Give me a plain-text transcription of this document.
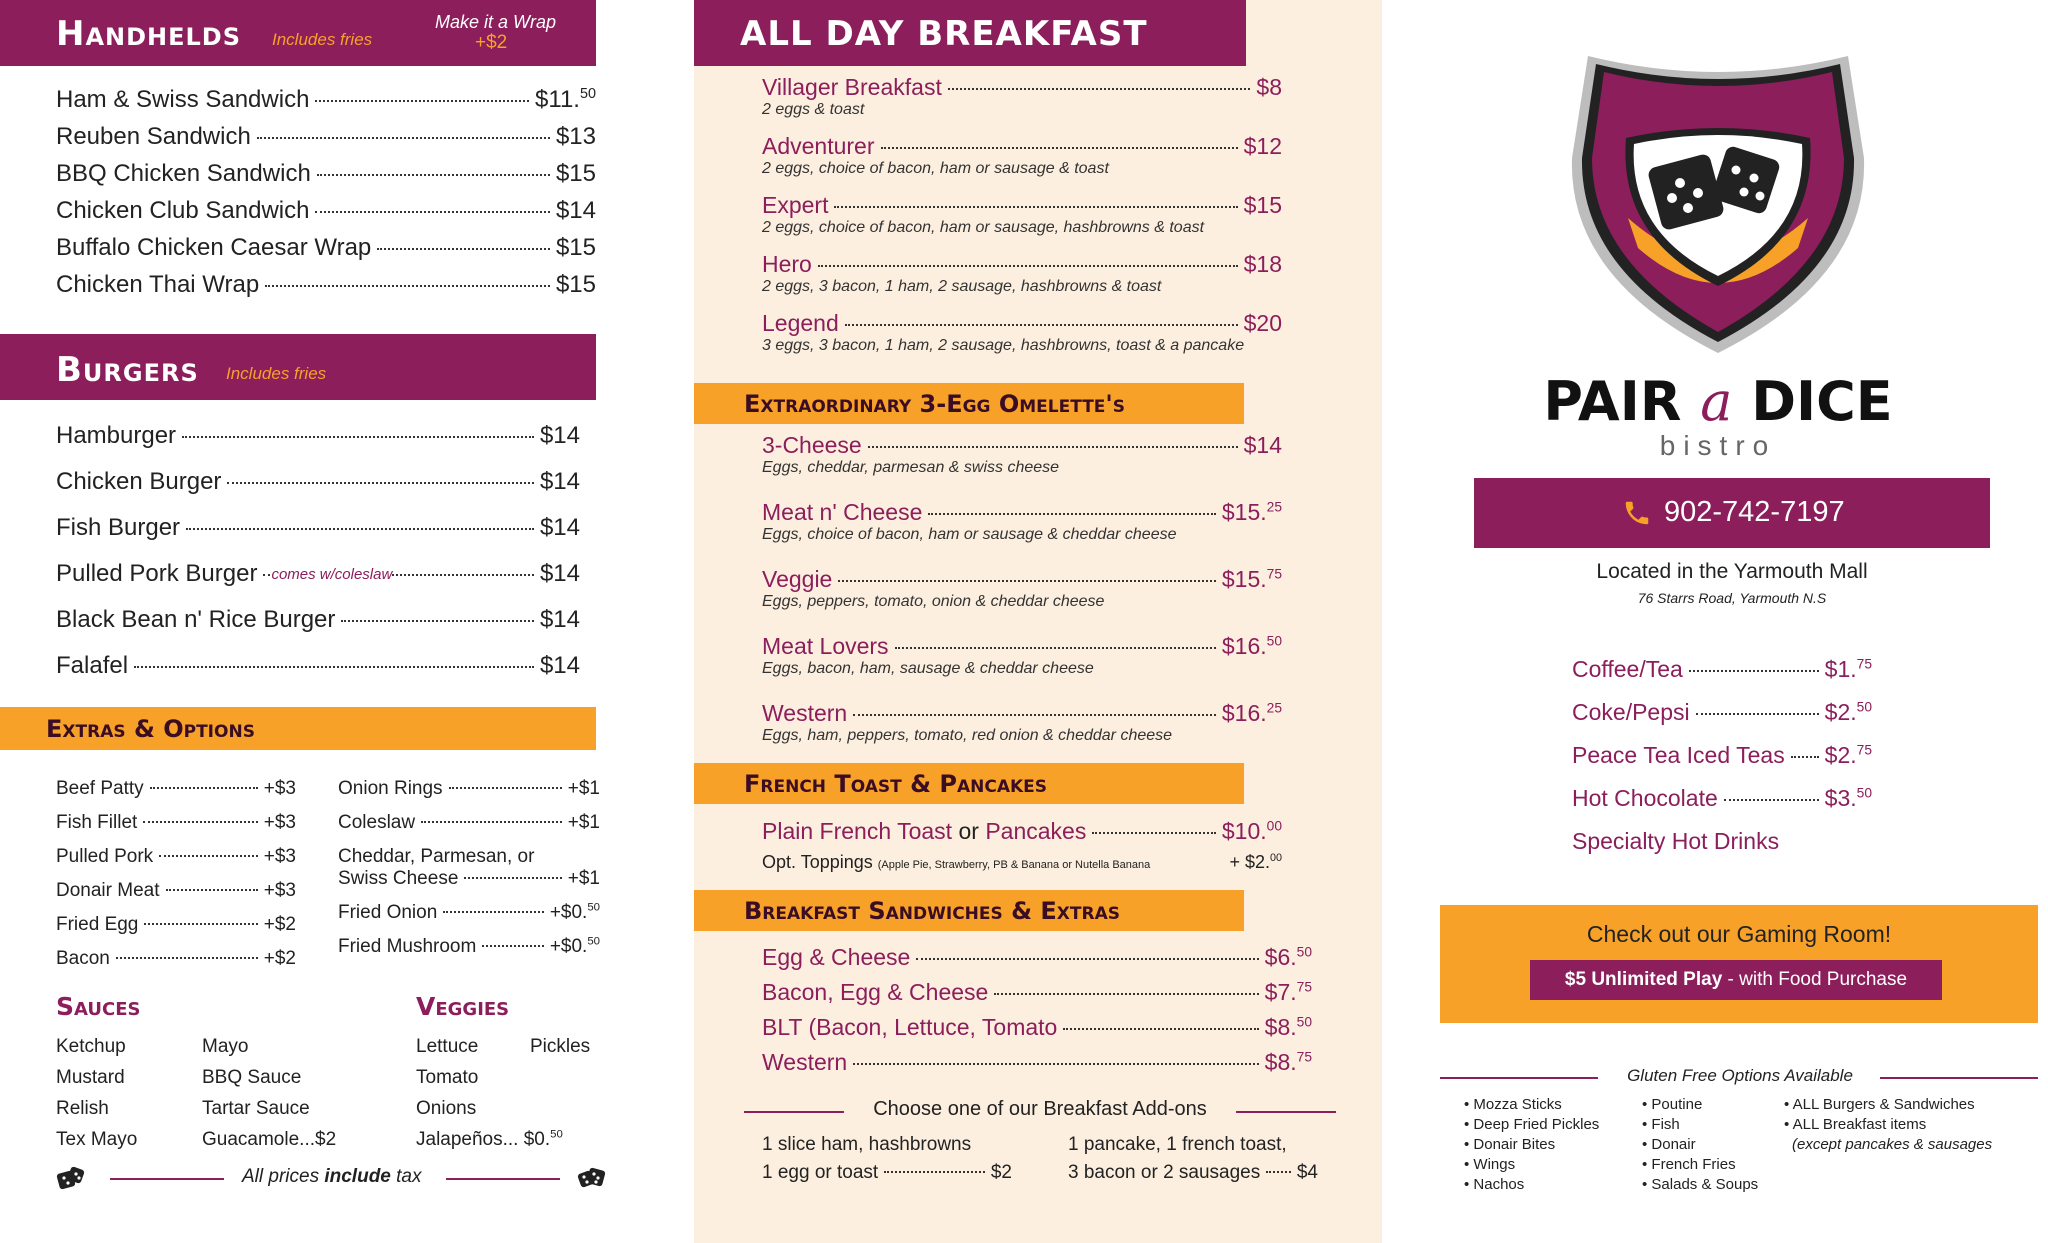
Handhelds Includes fries
Make it a Wrap
+$2
Ham & Swiss Sandwich	$11.50
Reuben Sandwich	$13
BBQ Chicken Sandwich	$15
Chicken Club Sandwich	$14
Buffalo Chicken Caesar Wrap	$15
Chicken Thai Wrap	$15
Burgers Includes fries
Hamburger	$14
Chicken Burger	$14
Fish Burger	$14
Pulled Pork Burger comes w/coleslaw	$14
Black Bean n' Rice Burger	$14
Falafel	$14
Extras & Options
Beef Patty	+$3
Fish Fillet	+$3
Pulled Pork	+$3
Donair Meat	+$3
Fried Egg	+$2
Bacon	+$2
Onion Rings	+$1
Coleslaw	+$1
Cheddar, Parmesan, or
Swiss Cheese	+$1
Fried Onion	+$0.50
Fried Mushroom	+$0.50
Sauces
Ketchup
Mustard
Relish
Tex Mayo
Mayo
BBQ Sauce
Tartar Sauce
Guacamole...$2
Veggies
Lettuce
Tomato
Onions
Jalapeños... $0.50
Pickles
All prices include tax
ALL DAY BREAKFAST
Villager Breakfast	$8
2 eggs & toast
Adventurer	$12
2 eggs, choice of bacon, ham or sausage & toast
Expert	$15
2 eggs, choice of bacon, ham or sausage, hashbrowns & toast
Hero	$18
2 eggs, 3 bacon, 1 ham, 2 sausage, hashbrowns & toast
Legend	$20
3 eggs, 3 bacon, 1 ham, 2 sausage, hashbrowns, toast & a pancake
Extraordinary 3-Egg Omelette's
3-Cheese	$14
Eggs, cheddar, parmesan & swiss cheese
Meat n' Cheese	$15.25
Eggs, choice of bacon, ham or sausage & cheddar cheese
Veggie	$15.75
Eggs, peppers, tomato, onion & cheddar cheese
Meat Lovers	$16.50
Eggs, bacon, ham, sausage & cheddar cheese
Western	$16.25
Eggs, ham, peppers, tomato, red onion & cheddar cheese
French Toast & Pancakes
Plain French Toast or Pancakes	$10.00
Opt. Toppings (Apple Pie, Strawberry, PB & Banana or Nutella Banana	+ $2.00
Breakfast Sandwiches & Extras
Egg & Cheese	$6.50
Bacon, Egg & Cheese	$7.75
BLT (Bacon, Lettuce, Tomato	$8.50
Western	$8.75
Choose one of our Breakfast Add-ons
1 slice ham, hashbrowns
1 egg or toast	$2
1 pancake, 1 french toast,
3 bacon or 2 sausages $4
PAIR a DICE
bistro
902-742-7197
Located in the Yarmouth Mall
76 Starrs Road, Yarmouth N.S
Coffee/Tea	$1.75
Coke/Pepsi	$2.50
Peace Tea Iced Teas $2.75
Hot Chocolate	$3.50
Specialty Hot Drinks
Check out our Gaming Room!
$5 Unlimited Play - with Food Purchase
Gluten Free Options Available
• Mozza Sticks
• Deep Fried Pickles
• Donair Bites
• Wings
• Nachos
• Poutine
• Fish
• Donair
• French Fries
• Salads & Soups
• ALL Burgers & Sandwiches
• ALL Breakfast items
(except pancakes & sausages
